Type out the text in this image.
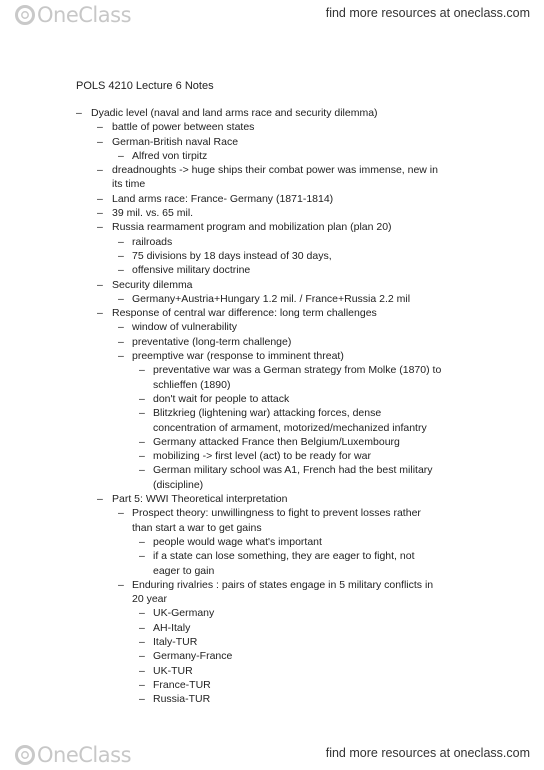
OneClass	find more resources at oneclass.com
POLS 4210 Lecture 6 Notes
– Dyadic level (naval and land arms race and security dilemma)
– battle of power between states
– German-British naval Race
– Alfred von tirpitz
– dreadnoughts -> huge ships their combat power was immense, new in
its time
– Land arms race: France- Germany (1871-1814)
– 39 mil. vs. 65 mil.
– Russia rearmament program and mobilization plan (plan 20)
– railroads
– 75 divisions by 18 days instead of 30 days,
– offensive military doctrine
– Security dilemma
– Germany+Austria+Hungary 1.2 mil. / France+Russia 2.2 mil
– Response of central war difference: long term challenges
– window of vulnerability
– preventative (long-term challenge)
– preemptive war (response to imminent threat)
– preventative war was a German strategy from Molke (1870) to
schlieffen (1890)
– don't wait for people to attack
– Blitzkrieg (lightening war) attacking forces, dense
concentration of armament, motorized/mechanized infantry
– Germany attacked France then Belgium/Luxembourg
– mobilizing -> first level (act) to be ready for war
– German military school was A1, French had the best military
(discipline)
– Part 5: WWI Theoretical interpretation
– Prospect theory: unwillingness to fight to prevent losses rather
than start a war to get gains
– people would wage what's important
– if a state can lose something, they are eager to fight, not
eager to gain
– Enduring rivalries : pairs of states engage in 5 military conflicts in
20 year
– UK-Germany
– AH-Italy
– Italy-TUR
– Germany-France
– UK-TUR
– France-TUR
– Russia-TUR
OneClass	find more resources at oneclass.com
